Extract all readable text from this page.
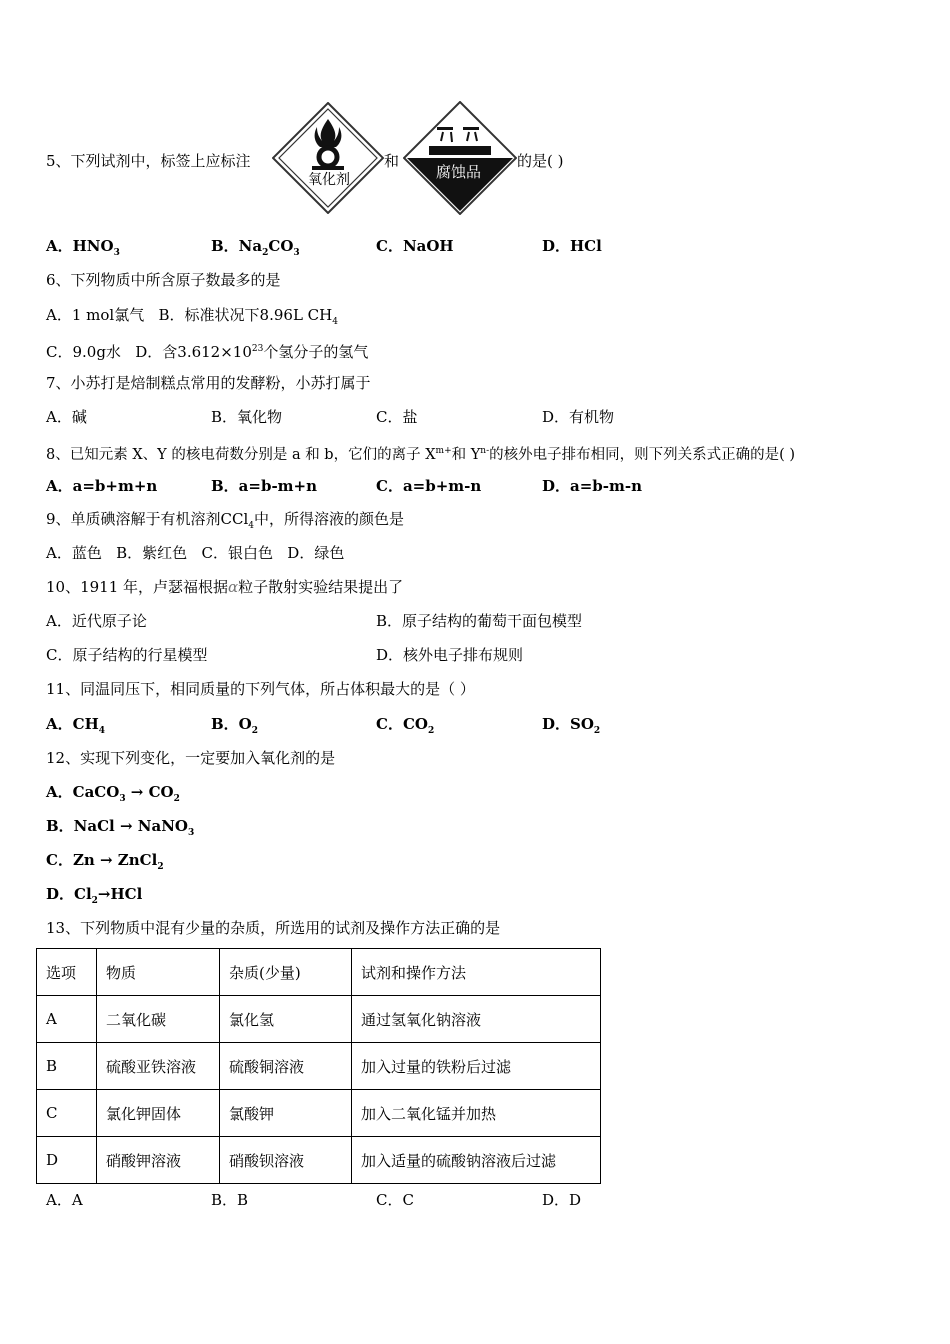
5、下列试剂中，标签上应标注
氧化剂
和
腐蚀品
的是( )
A．$HNO_3$	B．$Na_2CO_3$	C．NaOH	D．HCl
6、下列物质中所含原子数最多的是
A．1 mol氯气 B．标准状况下8.96L $CH_4$
C．9.0g水 D．含$3.612\times 10^{23}$个氢分子的氢气
7、小苏打是焙制糕点常用的发酵粉，小苏打属于
A．碱	B．氧化物	C．盐	D．有机物
8、已知元素 X、Y 的核电荷数分别是 a 和 b，它们的离子 $X^{m+}$和 $Y^{n-}$的核外电子排布相同，则下列关系式正确的是( )
A．a=b+m+n	B．a=b-m+n	C．a=b+m-n	D．a=b-m-n
9、单质碘溶解于有机溶剂CCl$_4$中，所得溶液的颜色是
A．蓝色 B．紫红色 C．银白色 D．绿色
10、1911 年，卢瑟福根据α粒子散射实验结果提出了
A．近代原子论	B．原子结构的葡萄干面包模型
C．原子结构的行星模型	D．核外电子排布规则
11、同温同压下，相同质量的下列气体，所占体积最大的是（ ）
A．$CH_4$	B．$O_2$	C．$CO_2$	D．$SO_2$
12、实现下列变化，一定要加入氧化剂的是
A．CaCO$_3$ → $CO_2$
B．NaCl → NaNO$_3$
C．Zn → ZnCl$_2$
D．$Cl_2\to HCl$
13、下列物质中混有少量的杂质，所选用的试剂及操作方法正确的是
选项	物质	杂质(少量)	试剂和操作方法
A	二氧化碳	氯化氢	通过氢氧化钠溶液
B	硫酸亚铁溶液	硫酸铜溶液	加入过量的铁粉后过滤
C	氯化钾固体	氯酸钾	加入二氧化锰并加热
D	硝酸钾溶液	硝酸钡溶液	加入适量的硫酸钠溶液后过滤
A．A	B．B	C．C	D．D
